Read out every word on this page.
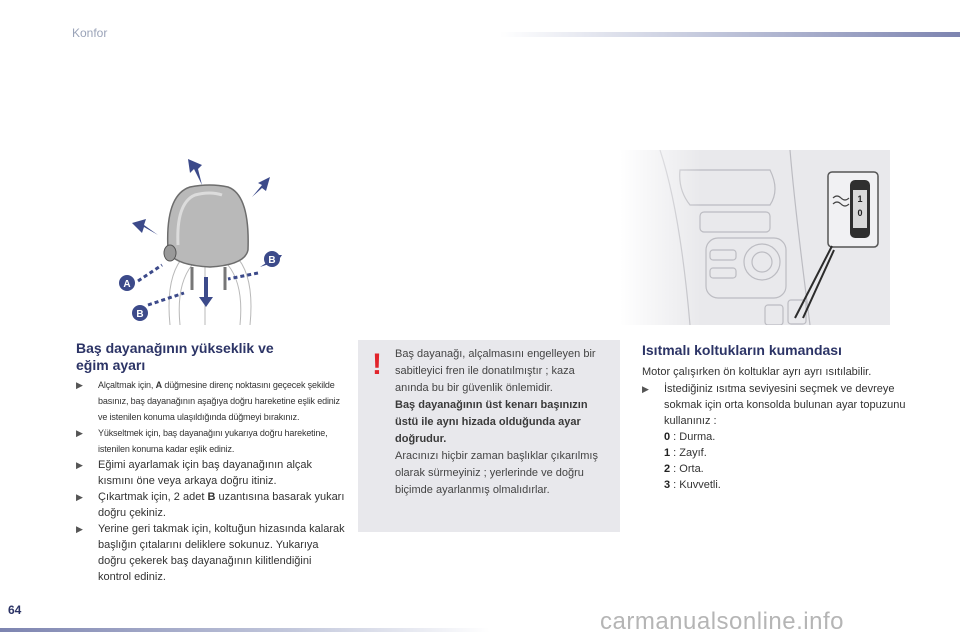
Konfor
A
B
B
1
0
Baş dayanağının yükseklik ve
eğim ayarı
▶ Alçaltmak için, A düğmesine direnç noktasını geçecek şekilde basınız, baş dayanağının aşağıya doğru hareketine eşlik ediniz ve istenilen konuma ulaşıldığında düğmeyi bırakınız.
▶ Yükseltmek için, baş dayanağını yukarıya doğru hareketine, istenilen konuma kadar eşlik ediniz.
▶ Eğimi ayarlamak için baş dayanağının alçak kısmını öne veya arkaya doğru itiniz.
▶ Çıkartmak için, 2 adet B uzantısına basarak yukarı doğru çekiniz.
▶ Yerine geri takmak için, koltuğun hizasında kalarak başlığın çıtalarını deliklere sokunuz. Yukarıya doğru çekerek baş dayanağının kilitlendiğini kontrol ediniz.
! Baş dayanağı, alçalmasını engelleyen bir sabitleyici fren ile donatılmıştır ; kaza anında bu bir güvenlik önlemidir.
Baş dayanağının üst kenarı başınızın üstü ile aynı hizada olduğunda ayar doğrudur.
Aracınızı hiçbir zaman başlıklar çıkarılmış olarak sürmeyiniz ; yerlerinde ve doğru biçimde ayarlanmış olmalıdırlar.

Isıtmalı koltukların kumandası

Motor çalışırken ön koltuklar ayrı ayrı ısıtılabilir.

▶ İstediğiniz ısıtma seviyesini seçmek ve devreye sokmak için orta konsolda bulunan ayar topuzunu kullanınız :
0 : Durma.
1 : Zayıf.
2 : Orta.
3 : Kuvvetli.
64	carmanualsonline.info
